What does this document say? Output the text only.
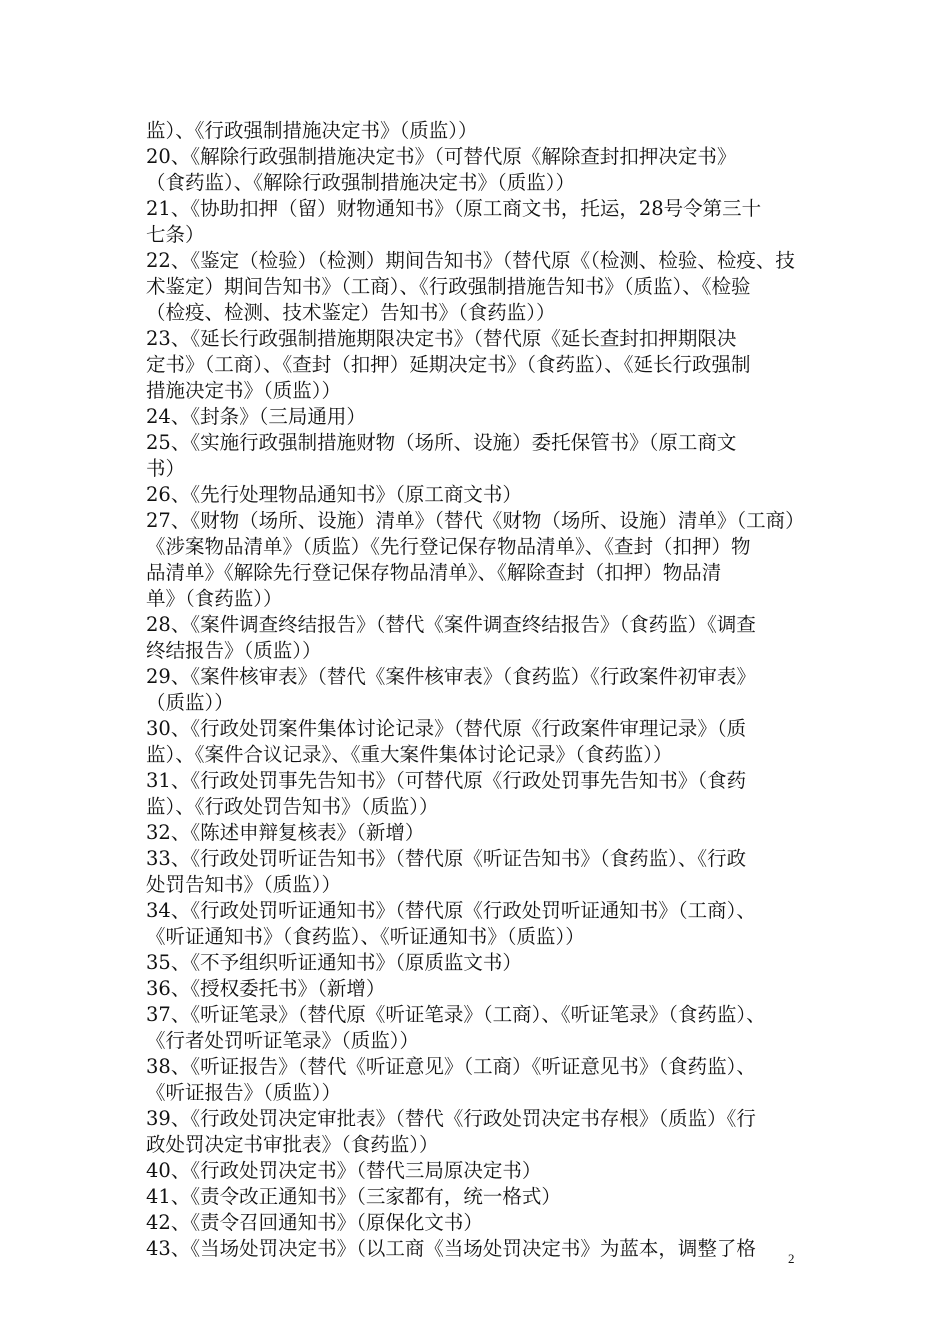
监）、《行政强制措施决定书》（质监））
20、《解除行政强制措施决定书》（可替代原《解除查封扣押决定书》
（食药监）、《解除行政强制措施决定书》（质监））
21、《协助扣押（留）财物通知书》（原工商文书，托运，28号令第三十
七条）
22、《鉴定（检验）（检测）期间告知书》（替代原《（检测、检验、检疫、技
术鉴定）期间告知书》（工商）、《行政强制措施告知书》（质监）、《检验
（检疫、检测、技术鉴定）告知书》（食药监））
23、《延长行政强制措施期限决定书》（替代原《延长查封扣押期限决
定书》（工商）、《查封（扣押）延期决定书》（食药监）、《延长行政强制
措施决定书》（质监））
24、《封条》（三局通用）
25、《实施行政强制措施财物（场所、设施）委托保管书》（原工商文
书）
26、《先行处理物品通知书》（原工商文书）
27、《财物（场所、设施）清单》（替代《财物（场所、设施）清单》（工商）
《涉案物品清单》（质监）《先行登记保存物品清单》、《查封（扣押）物
品清单》《解除先行登记保存物品清单》、《解除查封（扣押）物品清
单》（食药监））
28、《案件调查终结报告》（替代《案件调查终结报告》（食药监）《调查
终结报告》（质监））
29、《案件核审表》（替代《案件核审表》（食药监）《行政案件初审表》
（质监））
30、《行政处罚案件集体讨论记录》（替代原《行政案件审理记录》（质
监）、《案件合议记录》、《重大案件集体讨论记录》（食药监））
31、《行政处罚事先告知书》（可替代原《行政处罚事先告知书》（食药
监）、《行政处罚告知书》（质监））
32、《陈述申辩复核表》（新增）
33、《行政处罚听证告知书》（替代原《听证告知书》（食药监）、《行政
处罚告知书》（质监））
34、《行政处罚听证通知书》（替代原《行政处罚听证通知书》（工商）、
《听证通知书》（食药监）、《听证通知书》（质监））
35、《不予组织听证通知书》（原质监文书）
36、《授权委托书》（新增）
37、《听证笔录》（替代原《听证笔录》（工商）、《听证笔录》（食药监）、
《行者处罚听证笔录》（质监））
38、《听证报告》（替代《听证意见》（工商）《听证意见书》（食药监）、
《听证报告》（质监））
39、《行政处罚决定审批表》（替代《行政处罚决定书存根》（质监）《行
政处罚决定书审批表》（食药监））
40、《行政处罚决定书》（替代三局原决定书）
41、《责令改正通知书》（三家都有，统一格式）
42、《责令召回通知书》（原保化文书）
43、《当场处罚决定书》（以工商《当场处罚决定书》为蓝本，调整了格	2
